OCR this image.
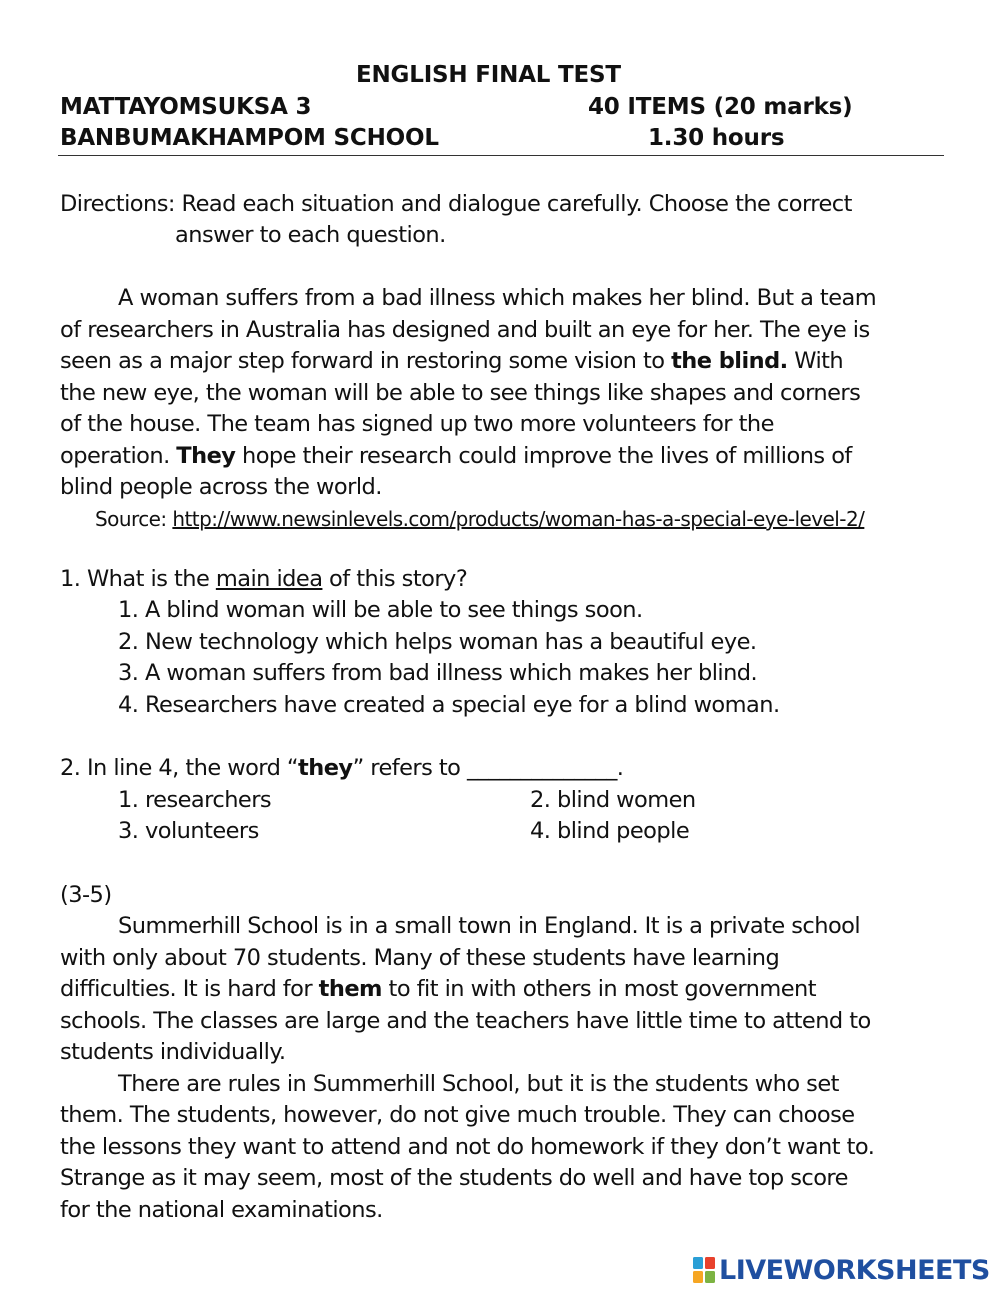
ENGLISH FINAL TEST
MATTAYOMSUKSA 3	40 ITEMS (20 marks)
BANBUMAKHAMPOM SCHOOL	1.30 hours
Directions: Read each situation and dialogue carefully. Choose the correct
answer to each question.
A woman suffers from a bad illness which makes her blind. But a team
of researchers in Australia has designed and built an eye for her. The eye is
seen as a major step forward in restoring some vision to the blind. With
the new eye, the woman will be able to see things like shapes and corners
of the house. The team has signed up two more volunteers for the
operation. They hope their research could improve the lives of millions of
blind people across the world.
Source: http://www.newsinlevels.com/products/woman-has-a-special-eye-level-2/
1. What is the main idea of this story?
1. A blind woman will be able to see things soon.
2. New technology which helps woman has a beautiful eye.
3. A woman suffers from bad illness which makes her blind.
4. Researchers have created a special eye for a blind woman.
2. In line 4, the word “they” refers to ______________.
1. researchers	2. blind women
3. volunteers	4. blind people
(3-5)
Summerhill School is in a small town in England. It is a private school
with only about 70 students. Many of these students have learning
difficulties. It is hard for them to fit in with others in most government
schools. The classes are large and the teachers have little time to attend to
students individually.
There are rules in Summerhill School, but it is the students who set
them. The students, however, do not give much trouble. They can choose
the lessons they want to attend and not do homework if they don’t want to.
Strange as it may seem, most of the students do well and have top score
for the national examinations.
LIVEWORKSHEETS
